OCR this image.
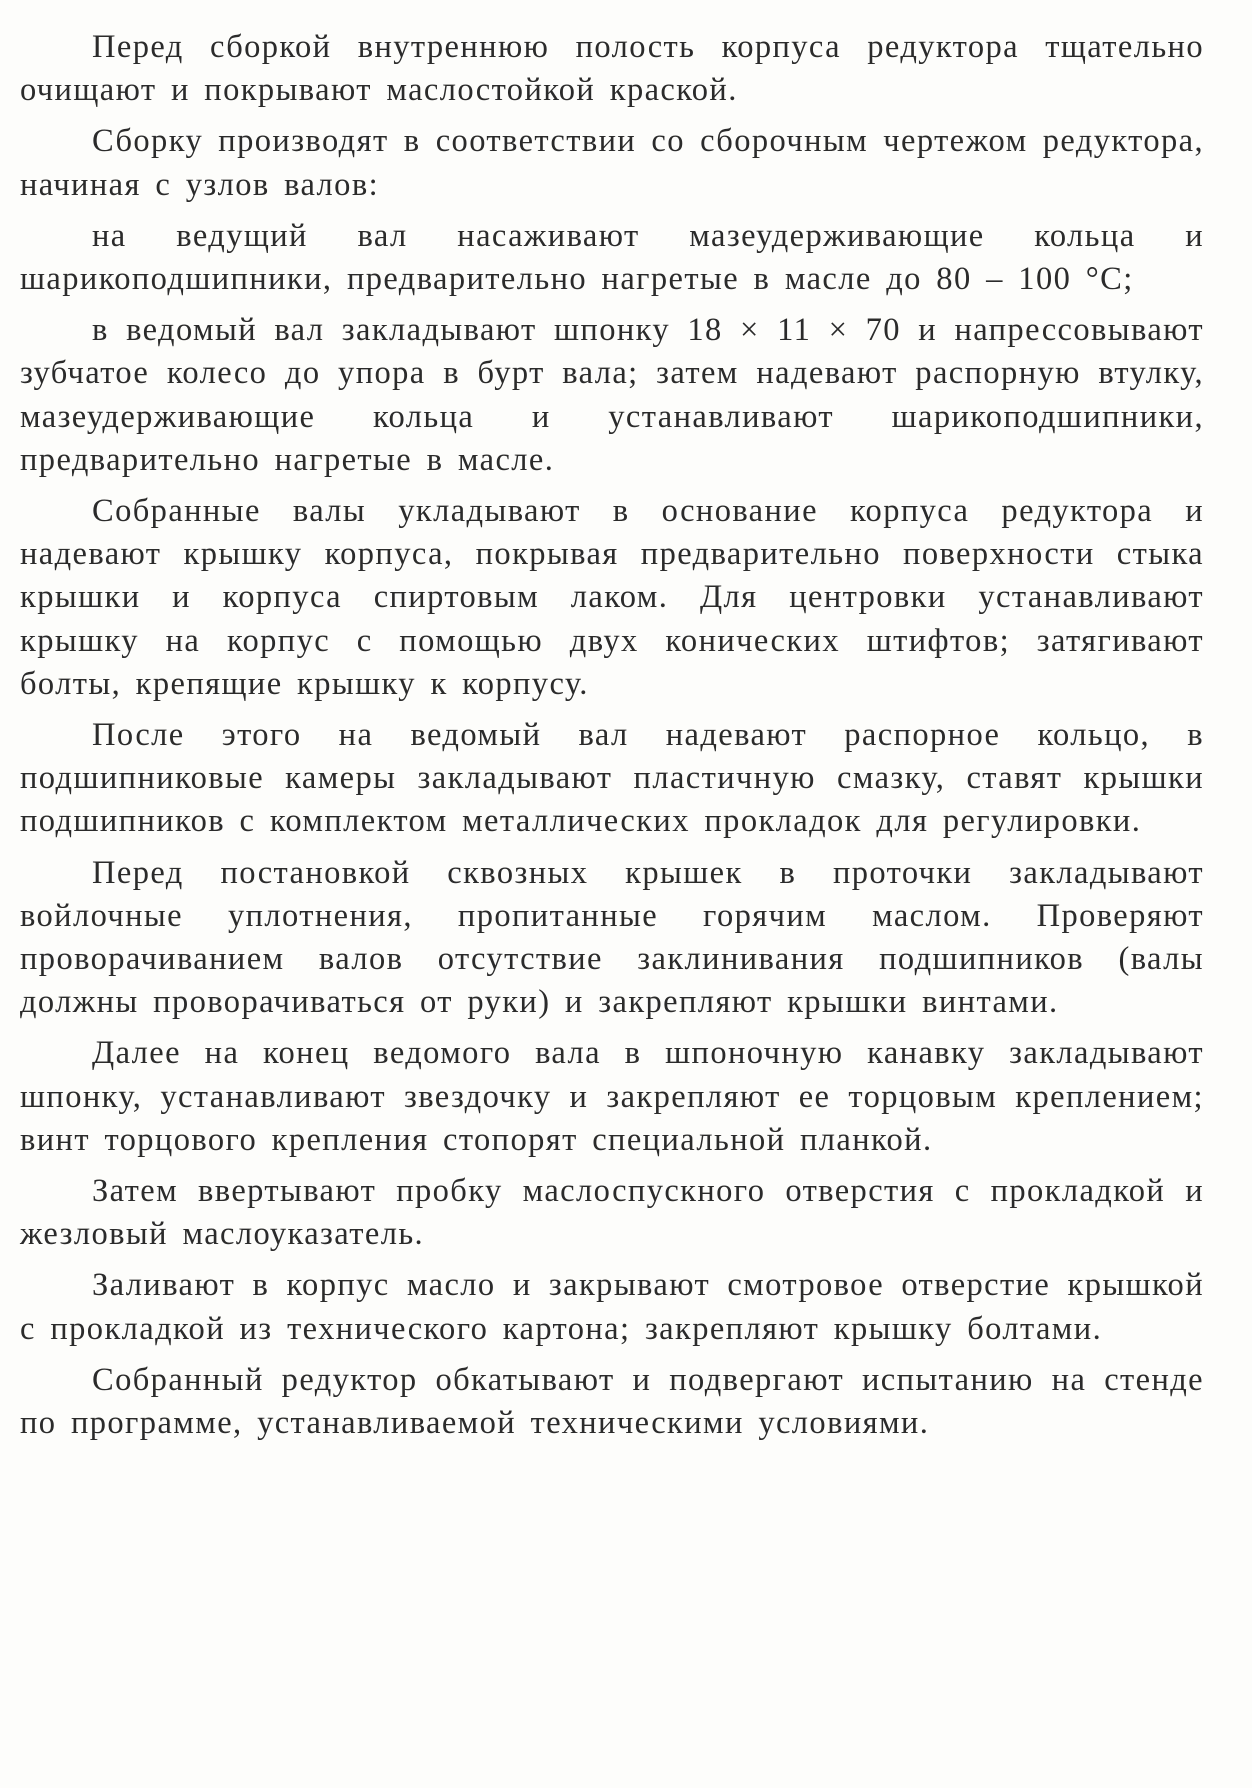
Перед сборкой внутреннюю полость корпуса редуктора тщательно очищают и покрывают маслостойкой краской.

Сборку производят в соответствии со сборочным чертежом редуктора, начиная с узлов валов:

на ведущий вал насаживают мазеудерживающие кольца и шарикоподшипники, предварительно нагретые в масле до 80 – 100 °С;

в ведомый вал закладывают шпонку 18 × 11 × 70 и напрессовывают зубчатое колесо до упора в бурт вала; затем надевают распорную втулку, мазеудерживающие кольца и устанавливают шарикоподшипники, предварительно нагретые в масле.

Собранные валы укладывают в основание корпуса редуктора и надевают крышку корпуса, покрывая предварительно поверхности стыка крышки и корпуса спиртовым лаком. Для центровки устанавливают крышку на корпус с помощью двух конических штифтов; затягивают болты, крепящие крышку к корпусу.

После этого на ведомый вал надевают распорное кольцо, в подшипниковые камеры закладывают пластичную смазку, ставят крышки подшипников с комплектом металлических прокладок для регулировки.

Перед постановкой сквозных крышек в проточки закладывают войлочные уплотнения, пропитанные горячим маслом. Проверяют проворачиванием валов отсутствие заклинивания подшипников (валы должны проворачиваться от руки) и закрепляют крышки винтами.

Далее на конец ведомого вала в шпоночную канавку закладывают шпонку, устанавливают звездочку и закрепляют ее торцовым креплением; винт торцового крепления стопорят специальной планкой.

Затем ввертывают пробку маслоспускного отверстия с прокладкой и жезловый маслоуказатель.

Заливают в корпус масло и закрывают смотровое отверстие крышкой с прокладкой из технического картона; закрепляют крышку болтами.

Собранный редуктор обкатывают и подвергают испытанию на стенде по программе, устанавливаемой техническими условиями.
